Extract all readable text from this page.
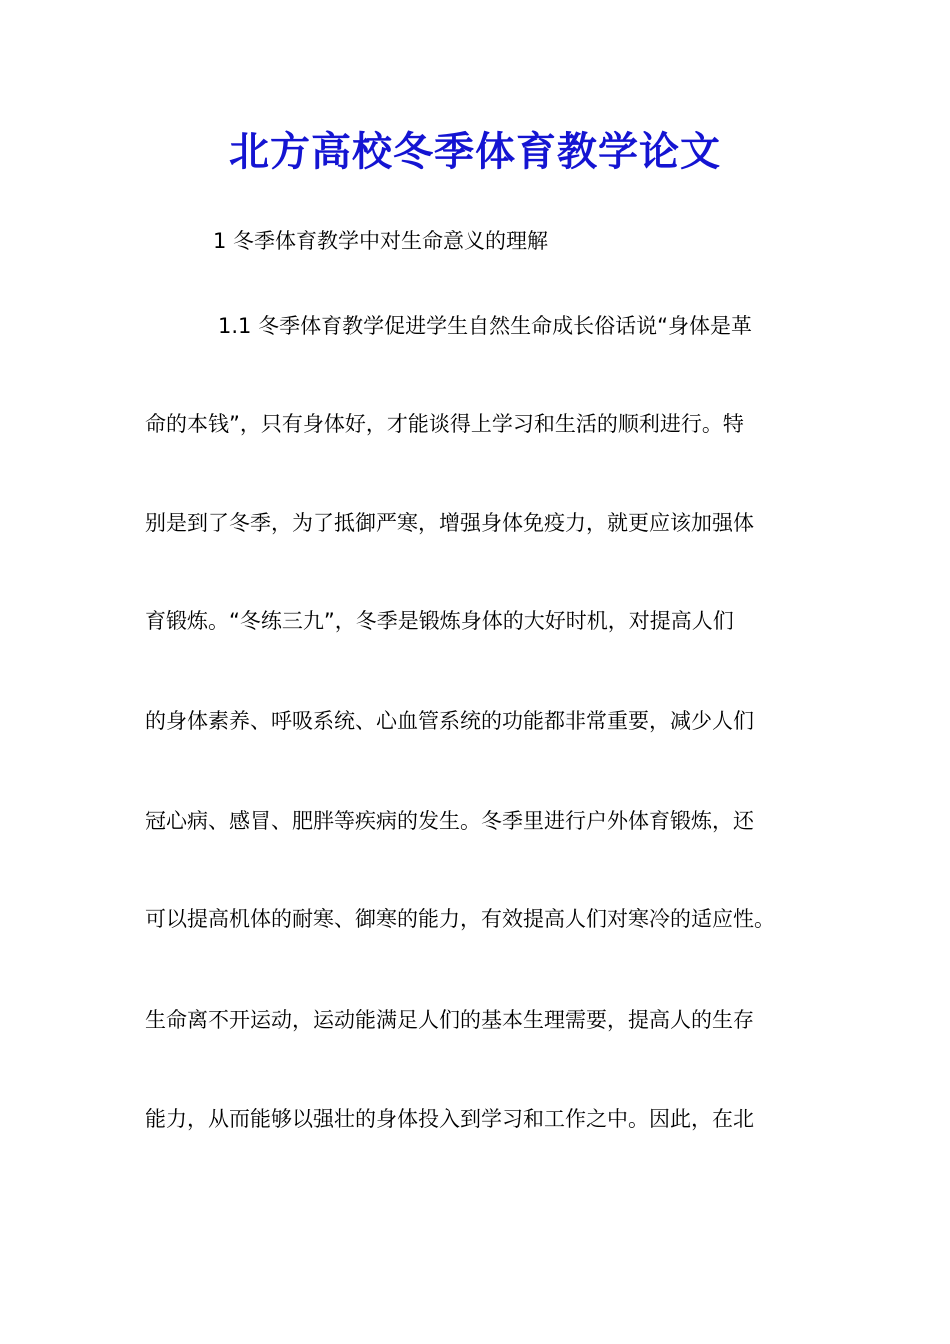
北方高校冬季体育教学论文

1 冬季体育教学中对生命意义的理解

1.1 冬季体育教学促进学生自然生命成长俗话说“身体是革

命的本钱”，只有身体好，才能谈得上学习和生活的顺利进行。特

别是到了冬季，为了抵御严寒，增强身体免疫力，就更应该加强体

育锻炼。“冬练三九”，冬季是锻炼身体的大好时机，对提高人们

的身体素养、呼吸系统、心血管系统的功能都非常重要，减少人们

冠心病、感冒、肥胖等疾病的发生。冬季里进行户外体育锻炼，还

可以提高机体的耐寒、御寒的能力，有效提高人们对寒冷的适应性。

生命离不开运动，运动能满足人们的基本生理需要，提高人的生存

能力，从而能够以强壮的身体投入到学习和工作之中。因此，在北
